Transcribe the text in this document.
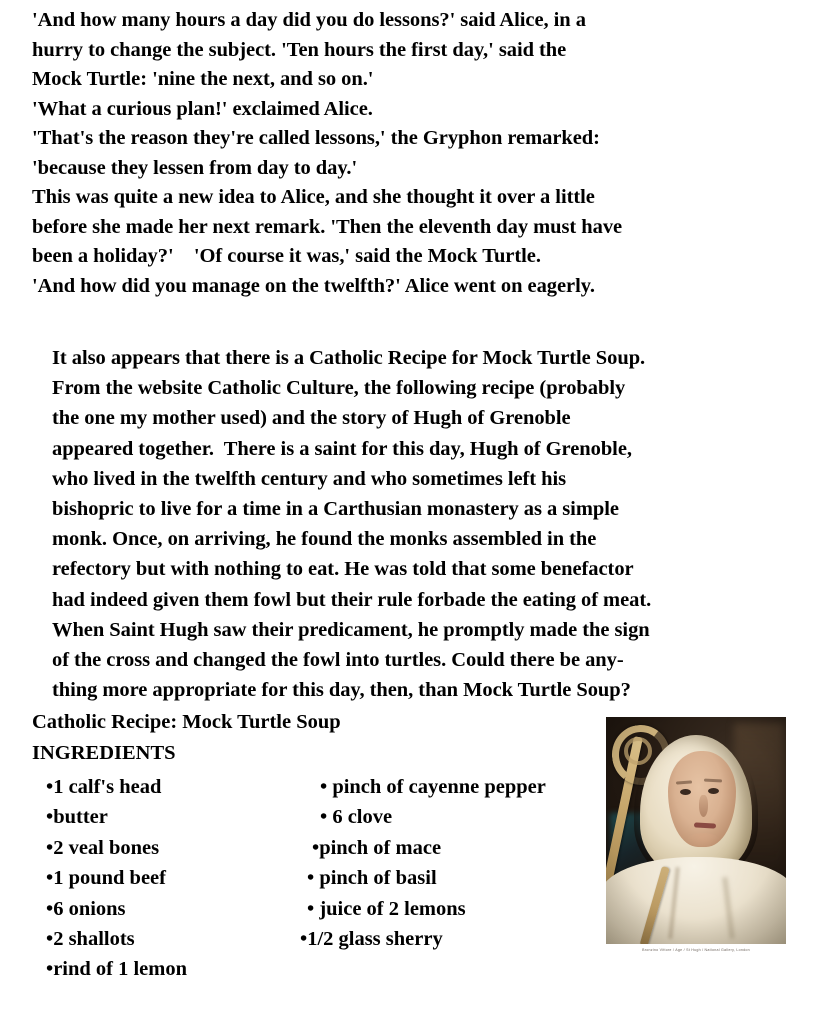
'And how many hours a day did you do lessons?' said Alice, in a
hurry to change the subject. 'Ten hours the first day,' said the
Mock Turtle: 'nine the next, and so on.'
'What a curious plan!' exclaimed Alice.
'That's the reason they're called lessons,' the Gryphon remarked:
'because they lessen from day to day.'
This was quite a new idea to Alice, and she thought it over a little
before she made her next remark. 'Then the eleventh day must have
been a holiday?'    'Of course it was,' said the Mock Turtle.
'And how did you manage on the twelfth?' Alice went on eagerly.
It also appears that there is a Catholic Recipe for Mock Turtle Soup.
From the website Catholic Culture, the following recipe (probably
the one my mother used) and the story of Hugh of Grenoble
appeared together.  There is a saint for this day, Hugh of Grenoble,
who lived in the twelfth century and who sometimes left his
bishopric to live for a time in a Carthusian monastery as a simple
monk. Once, on arriving, he found the monks assembled in the
refectory but with nothing to eat. He was told that some benefactor
had indeed given them fowl but their rule forbade the eating of meat.
When Saint Hugh saw their predicament, he promptly made the sign
of the cross and changed the fowl into turtles. Could there be any-
thing more appropriate for this day, then, than Mock Turtle Soup?
Catholic Recipe: Mock Turtle Soup
INGREDIENTS
•1 calf's head
•butter
•2 veal bones
•1 pound beef
•6 onions
•2 shallots
•rind of 1 lemon
• pinch of cayenne pepper
• 6 clove
•pinch of mace
• pinch of basil
• juice of 2 lemons
•1/2 glass sherry	Bronzino Vittore / Age / St Hugh / National Gallery, London
